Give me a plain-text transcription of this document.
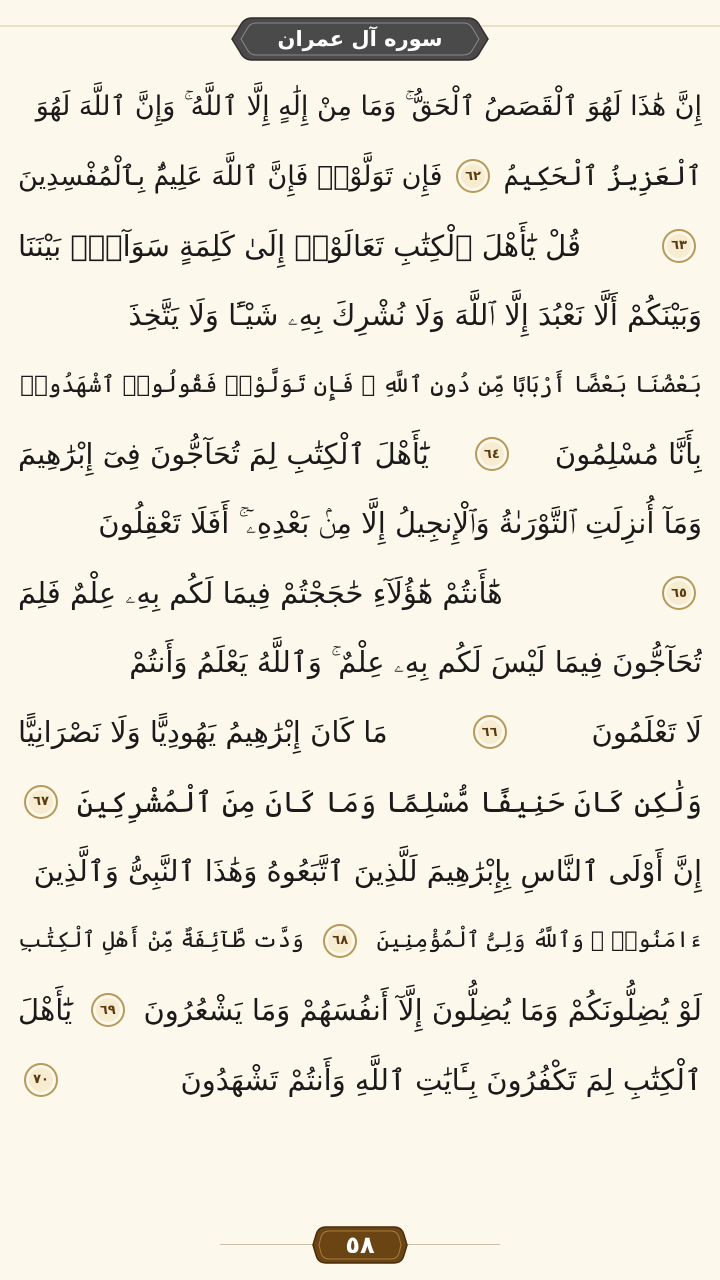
سوره آل عمران
إِنَّ هَٰذَا لَهُوَ ٱلْقَصَصُ ٱلْحَقُّ ۚ وَمَا مِنْ إِلَٰهٍ إِلَّا ٱللَّهُ ۚ وَإِنَّ ٱللَّهَ لَهُوَ
ٱلْعَزِيزُ ٱلْحَكِيمُ
٦٢
فَإِن تَوَلَّوْا۟ فَإِنَّ ٱللَّهَ عَلِيمٌۢ بِٱلْمُفْسِدِينَ
٦٣
قُلْ يَٰٓأَهْلَ ٱلْكِتَٰبِ تَعَالَوْا۟ إِلَىٰ كَلِمَةٍ سَوَآءٍۭ بَيْنَنَا
وَبَيْنَكُمْ أَلَّا نَعْبُدَ إِلَّا ٱللَّهَ وَلَا نُشْرِكَ بِهِۦ شَيْـًٔا وَلَا يَتَّخِذَ
بَعْضُنَا بَعْضًا أَرْبَابًا مِّن دُونِ ٱللَّهِ ۚ فَإِن تَوَلَّوْا۟ فَقُولُوا۟ ٱشْهَدُوا۟
بِأَنَّا مُسْلِمُونَ
٦٤
يَٰٓأَهْلَ ٱلْكِتَٰبِ لِمَ تُحَآجُّونَ فِىٓ إِبْرَٰهِيمَ
وَمَآ أُنزِلَتِ ٱلتَّوْرَىٰةُ وَٱلْإِنجِيلُ إِلَّا مِنۢ بَعْدِهِۦٓ ۚ أَفَلَا تَعْقِلُونَ
٦٥
هَٰٓأَنتُمْ هَٰٓؤُلَآءِ حَٰجَجْتُمْ فِيمَا لَكُم بِهِۦ عِلْمٌ فَلِمَ
تُحَآجُّونَ فِيمَا لَيْسَ لَكُم بِهِۦ عِلْمٌ ۚ وَٱللَّهُ يَعْلَمُ وَأَنتُمْ
لَا تَعْلَمُونَ
٦٦
مَا كَانَ إِبْرَٰهِيمُ يَهُودِيًّا وَلَا نَصْرَانِيًّا
وَلَٰكِن كَانَ حَنِيفًا مُّسْلِمًا وَمَا كَانَ مِنَ ٱلْمُشْرِكِينَ
٦٧
إِنَّ أَوْلَى ٱلنَّاسِ بِإِبْرَٰهِيمَ لَلَّذِينَ ٱتَّبَعُوهُ وَهَٰذَا ٱلنَّبِىُّ وَٱلَّذِينَ
ءَامَنُوا۟ ۗ وَٱللَّهُ وَلِىُّ ٱلْمُؤْمِنِينَ
٦٨
وَدَّت طَّآئِفَةٌ مِّنْ أَهْلِ ٱلْكِتَٰبِ
لَوْ يُضِلُّونَكُمْ وَمَا يُضِلُّونَ إِلَّآ أَنفُسَهُمْ وَمَا يَشْعُرُونَ
٦٩
يَٰٓأَهْلَ
ٱلْكِتَٰبِ لِمَ تَكْفُرُونَ بِـَٔايَٰتِ ٱللَّهِ وَأَنتُمْ تَشْهَدُونَ
٧٠
٥٨
